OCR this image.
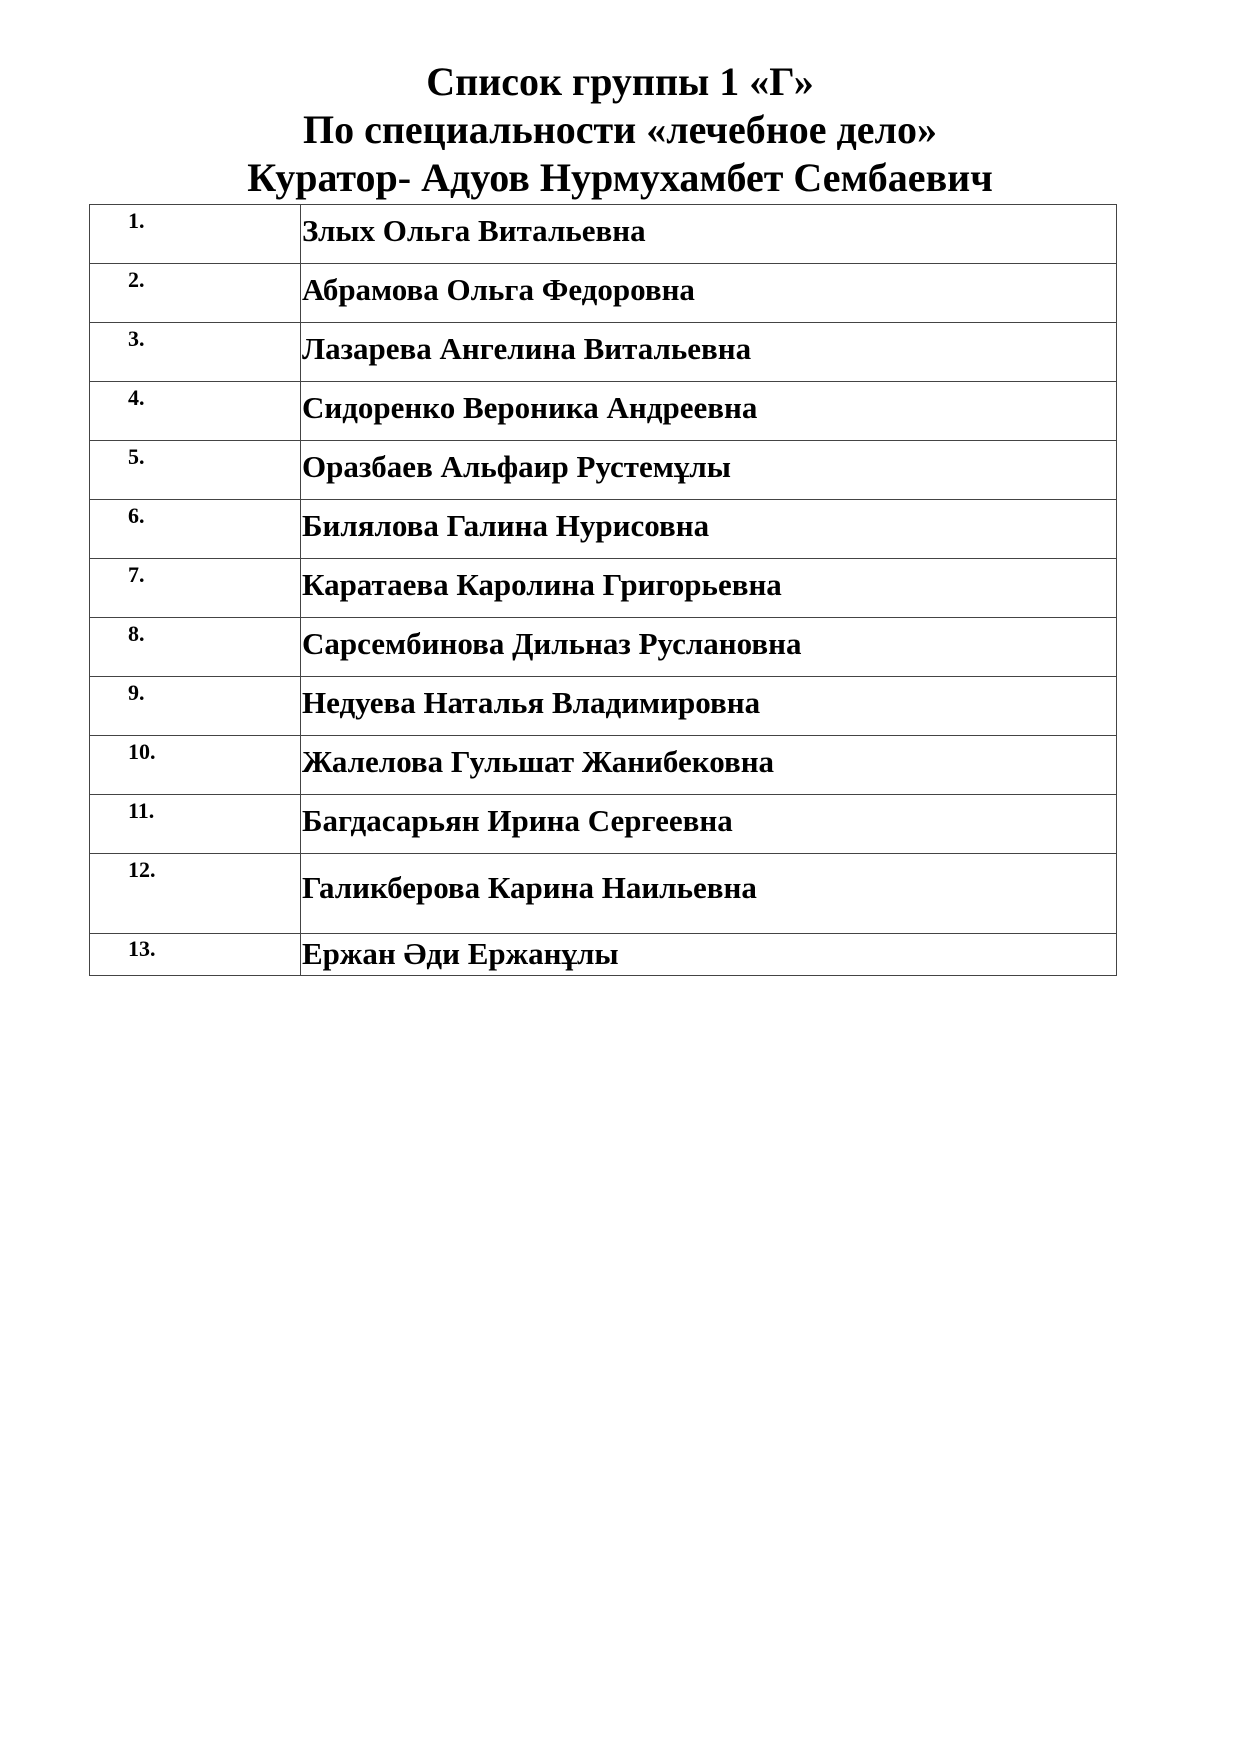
Список группы 1 «Г»
По специальности «лечебное дело»
Куратор- Адуов Нурмухамбет Сембаевич
1.	Злых Ольга Витальевна
2.	Абрамова Ольга Федоровна
3.	Лазарева Ангелина Витальевна
4.	Сидоренко Вероника Андреевна
5.	Оразбаев Альфаир Рустемұлы
6.	Билялова Галина Нурисовна
7.	Каратаева Каролина Григорьевна
8.	Сарсембинова Дильназ Руслановна
9.	Недуева Наталья Владимировна
10.	Жалелова Гульшат Жанибековна
11.	Багдасарьян Ирина Сергеевна
12.	Галикберова Карина Наильевна
13.	Ержан Әди Ержанұлы
